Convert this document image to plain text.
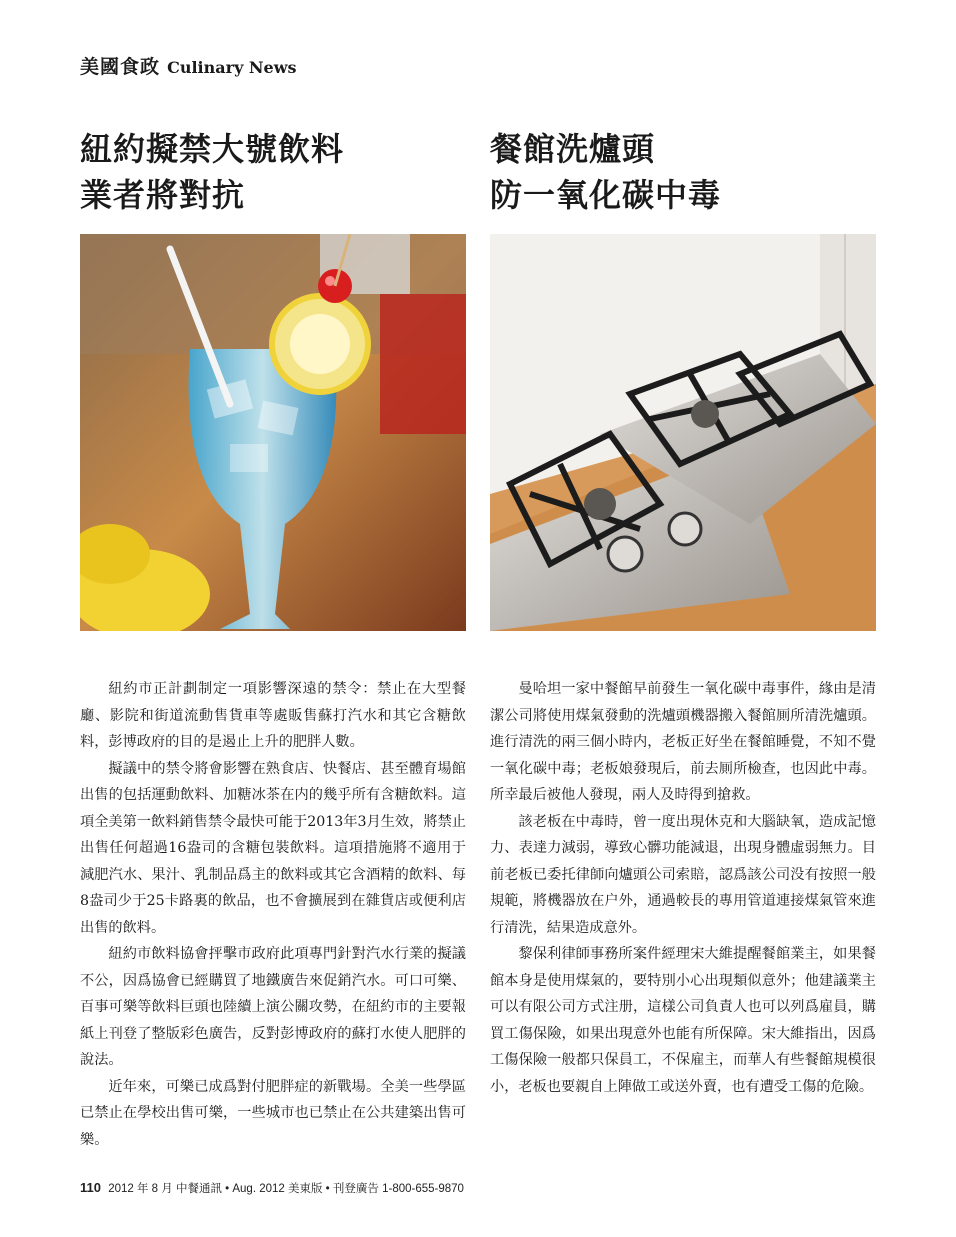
美國食政 Culinary News
紐約擬禁大號飲料
業者將對抗

紐約市正計劃制定一項影響深遠的禁令：禁止在大型餐廳、影院和街道流動售貨車等處販售蘇打汽水和其它含糖飲料，彭博政府的目的是遏止上升的肥胖人數。

擬議中的禁令將會影響在熟食店、快餐店、甚至體育場館出售的包括運動飲料、加糖冰茶在内的幾乎所有含糖飲料。這項全美第一飲料銷售禁令最快可能于2013年3月生效，將禁止出售任何超過16盎司的含糖包裝飲料。這項措施將不適用于減肥汽水、果汁、乳制品爲主的飲料或其它含酒精的飲料、每8盎司少于25卡路裏的飲品，也不會擴展到在雜貨店或便利店出售的飲料。

紐約市飲料協會抨擊市政府此項專門針對汽水行業的擬議不公，因爲協會已經購買了地鐵廣告來促銷汽水。可口可樂、百事可樂等飲料巨頭也陸續上演公關攻勢，在紐約市的主要報紙上刊登了整版彩色廣告，反對彭博政府的蘇打水使人肥胖的說法。

近年來，可樂已成爲對付肥胖症的新戰場。全美一些學區已禁止在學校出售可樂，一些城市也已禁止在公共建築出售可樂。

餐館洗爐頭
防一氧化碳中毒

曼哈坦一家中餐館早前發生一氧化碳中毒事件，緣由是清潔公司將使用煤氣發動的洗爐頭機器搬入餐館厠所清洗爐頭。進行清洗的兩三個小時内，老板正好坐在餐館睡覺，不知不覺一氧化碳中毒；老板娘發現后，前去厠所檢查，也因此中毒。所幸最后被他人發現，兩人及時得到搶救。

該老板在中毒時，曾一度出現休克和大腦缺氧，造成記憶力、表達力減弱，導致心髒功能減退，出現身體虛弱無力。目前老板已委托律師向爐頭公司索賠，認爲該公司没有按照一般規範，將機器放在户外，通過較長的專用管道連接煤氣管來進行清洗，結果造成意外。

黎保利律師事務所案件經理宋大維提醒餐館業主，如果餐館本身是使用煤氣的，要特別小心出現類似意外；他建議業主可以有限公司方式注册，這樣公司負責人也可以列爲雇員，購買工傷保險，如果出現意外也能有所保障。宋大維指出，因爲工傷保險一般都只保員工，不保雇主，而華人有些餐館規模很小，老板也要親自上陣做工或送外賣，也有遭受工傷的危險。

110 2012 年 8 月 中餐通訊 • Aug. 2012 美東版 • 刊登廣告 1-800-655-9870
